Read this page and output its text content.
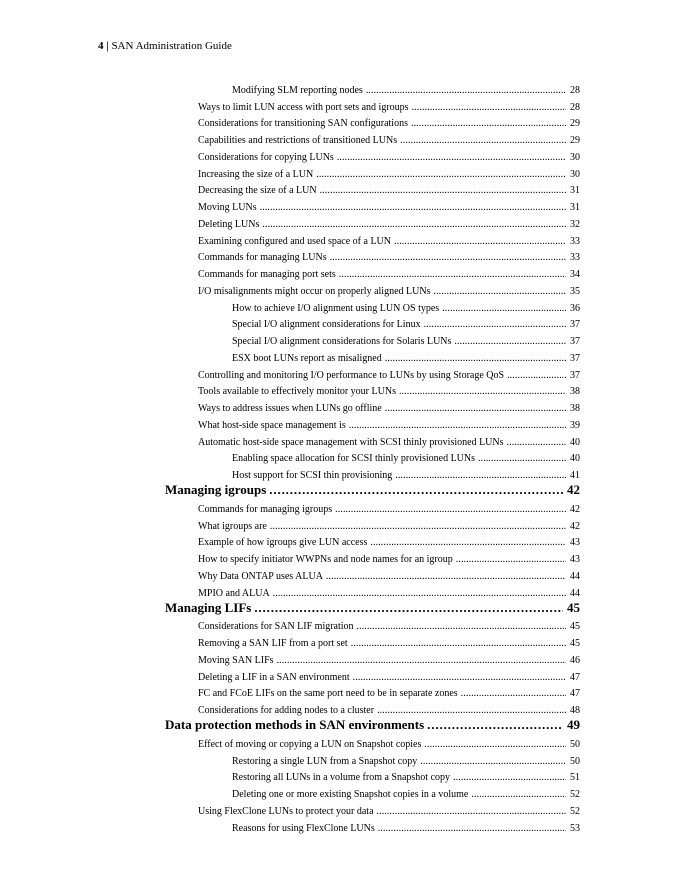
4 | SAN Administration Guide
Modifying SLM reporting nodes . . .	28
Ways to limit LUN access with port sets and igroups . . .	28
Considerations for transitioning SAN configurations . . .	29
Capabilities and restrictions of transitioned LUNs . . .	29
Considerations for copying LUNs . . .	30
Increasing the size of a LUN . . .	30
Decreasing the size of a LUN . . .	31
Moving LUNs . . .	31
Deleting LUNs . . .	32
Examining configured and used space of a LUN . . .	33
Commands for managing LUNs . . .	33
Commands for managing port sets . . .	34
I/O misalignments might occur on properly aligned LUNs . . .	35
How to achieve I/O alignment using LUN OS types . . .	36
Special I/O alignment considerations for Linux . . .	37
Special I/O alignment considerations for Solaris LUNs . . .	37
ESX boot LUNs report as misaligned . . .	37
Controlling and monitoring I/O performance to LUNs by using Storage QoS . . .	37
Tools available to effectively monitor your LUNs . . .	38
Ways to address issues when LUNs go offline . . .	38
What host-side space management is . . .	39
Automatic host-side space management with SCSI thinly provisioned LUNs . . .	40
Enabling space allocation for SCSI thinly provisioned LUNs . . .	40
Host support for SCSI thin provisioning . . .	41
Managing igroups . . .	42
Commands for managing igroups . . .	42
What igroups are . . .	42
Example of how igroups give LUN access . . .	43
How to specify initiator WWPNs and node names for an igroup . . .	43
Why Data ONTAP uses ALUA . . .	44
MPIO and ALUA . . .	44
Managing LIFs . . .	45
Considerations for SAN LIF migration . . .	45
Removing a SAN LIF from a port set . . .	45
Moving SAN LIFs . . .	46
Deleting a LIF in a SAN environment . . .	47
FC and FCoE LIFs on the same port need to be in separate zones . . .	47
Considerations for adding nodes to a cluster . . .	48
Data protection methods in SAN environments . . .	49
Effect of moving or copying a LUN on Snapshot copies . . .	50
Restoring a single LUN from a Snapshot copy . . .	50
Restoring all LUNs in a volume from a Snapshot copy . . .	51
Deleting one or more existing Snapshot copies in a volume . . .	52
Using FlexClone LUNs to protect your data . . .	52
Reasons for using FlexClone LUNs . . .	53
